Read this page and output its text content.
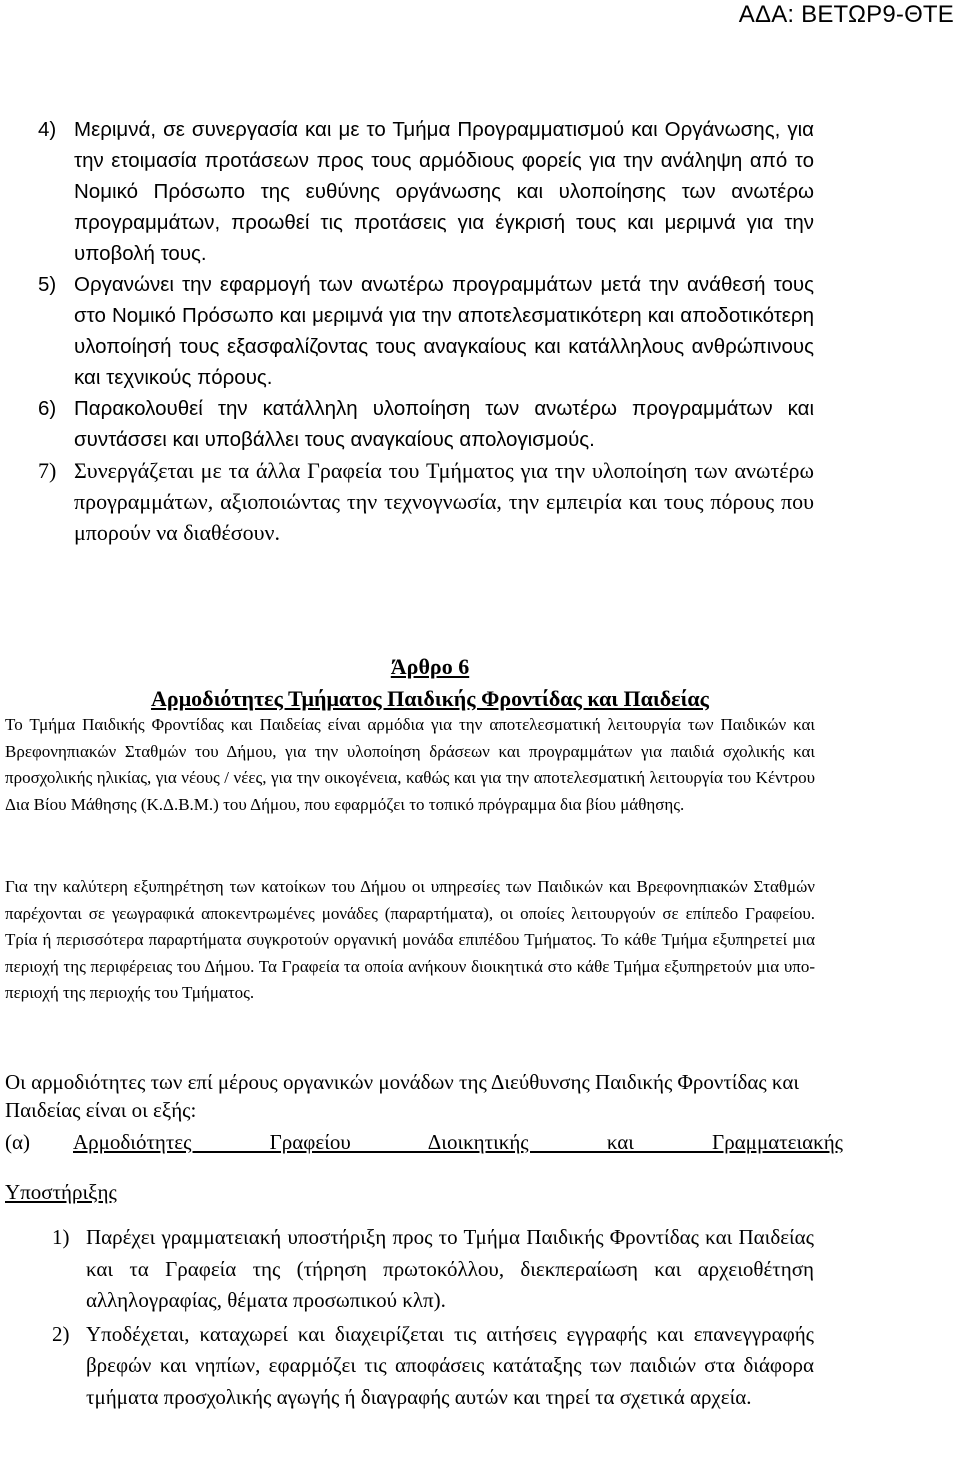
ΑΔΑ: ΒΕΤΩΡ9-ΘΤΕ
4) Μεριμνά, σε συνεργασία και με το Τμήμα Προγραμματισμού και Οργάνωσης, για την ετοιμασία προτάσεων προς τους αρμόδιους φορείς για την ανάληψη από το Νομικό Πρόσωπο της ευθύνης οργάνωσης και υλοποίησης των ανωτέρω προγραμμάτων, προωθεί τις προτάσεις για έγκρισή τους και μεριμνά για την υποβολή τους.

5) Οργανώνει την εφαρμογή των ανωτέρω προγραμμάτων μετά την ανάθεσή τους στο Νομικό Πρόσωπο και μεριμνά για την αποτελεσματικότερη και αποδοτικότερη υλοποίησή τους εξασφαλίζοντας τους αναγκαίους και κατάλληλους ανθρώπινους και τεχνικούς πόρους.

6) Παρακολουθεί την κατάλληλη υλοποίηση των ανωτέρω προγραμμάτων και συντάσσει και υποβάλλει τους αναγκαίους απολογισμούς.

7) Συνεργάζεται με τα άλλα Γραφεία του Τμήματος για την υλοποίηση των ανωτέρω προγραμμάτων, αξιοποιώντας την τεχνογνωσία, την εμπειρία και τους πόρους που μπορούν να διαθέσουν.

Άρθρο 6
Αρμοδιότητες Τμήματος Παιδικής Φροντίδας και Παιδείας

Το Τμήμα Παιδικής Φροντίδας και Παιδείας είναι αρμόδια για την αποτελεσματική λειτουργία των Παιδικών και Βρεφονηπιακών Σταθμών του Δήμου, για την υλοποίηση δράσεων και προγραμμάτων για παιδιά σχολικής και προσχολικής ηλικίας, για νέους / νέες, για την οικογένεια, καθώς και για την αποτελεσματική λειτουργία του Κέντρου Δια Βίου Μάθησης (Κ.Δ.Β.Μ.) του Δήμου, που εφαρμόζει το τοπικό πρόγραμμα δια βίου μάθησης.

Για την καλύτερη εξυπηρέτηση των κατοίκων του Δήμου οι υπηρεσίες των Παιδικών και Βρεφονηπιακών Σταθμών παρέχονται σε γεωγραφικά αποκεντρωμένες μονάδες (παραρτήματα), οι οποίες λειτουργούν σε επίπεδο Γραφείου. Τρία ή περισσότερα παραρτήματα συγκροτούν οργανική μονάδα επιπέδου Τμήματος. Το κάθε Τμήμα εξυπηρετεί μια περιοχή της περιφέρειας του Δήμου. Τα Γραφεία τα οποία ανήκουν διοικητικά στο κάθε Τμήμα εξυπηρετούν μια υπο-περιοχή της περιοχής του Τμήματος.

Οι αρμοδιότητες των επί μέρους οργανικών μονάδων της Διεύθυνσης Παιδικής Φροντίδας και Παιδείας είναι οι εξής:

(α) Αρμοδιότητες Γραφείου Διοικητικής και Γραμματειακής
Υποστήριξης
1) Παρέχει γραμματειακή υποστήριξη προς το Τμήμα Παιδικής Φροντίδας και Παιδείας και τα Γραφεία της (τήρηση πρωτοκόλλου, διεκπεραίωση και αρχειοθέτηση αλληλογραφίας, θέματα προσωπικού κλπ).

2) Υποδέχεται, καταχωρεί και διαχειρίζεται τις αιτήσεις εγγραφής και επανεγγραφής βρεφών και νηπίων, εφαρμόζει τις αποφάσεις κατάταξης των παιδιών στα διάφορα τμήματα προσχολικής αγωγής ή διαγραφής αυτών και τηρεί τα σχετικά αρχεία.
